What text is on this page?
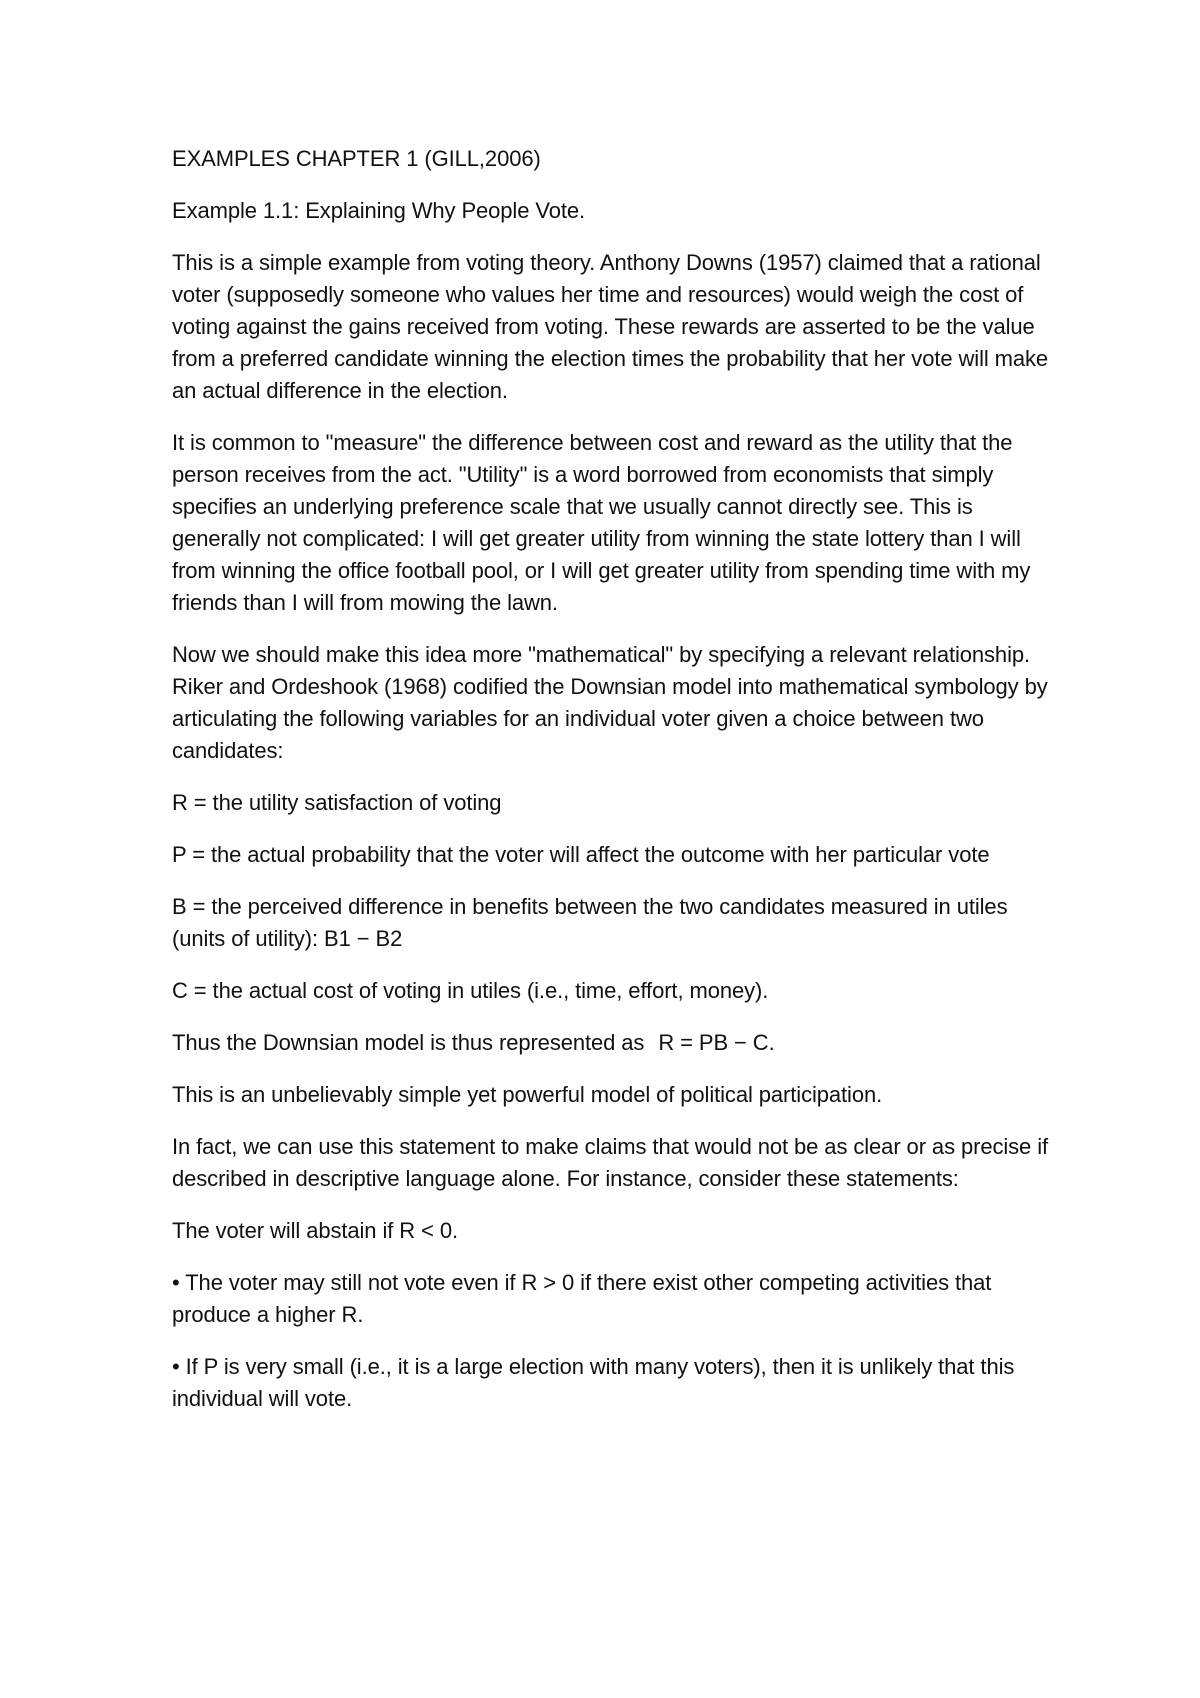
EXAMPLES CHAPTER 1 (GILL,2006)

Example 1.1: Explaining Why People Vote.

This is a simple example from voting theory. Anthony Downs (1957) claimed that a rational voter (supposedly someone who values her time and resources) would weigh the cost of voting against the gains received from voting. These rewards are asserted to be the value from a preferred candidate winning the election times the probability that her vote will make an actual difference in the election.

It is common to "measure" the difference between cost and reward as the utility that the person receives from the act. "Utility" is a word borrowed from economists that simply specifies an underlying preference scale that we usually cannot directly see. This is generally not complicated: I will get greater utility from winning the state lottery than I will from winning the office football pool, or I will get greater utility from spending time with my friends than I will from mowing the lawn.

Now we should make this idea more "mathematical" by specifying a relevant relationship. Riker and Ordeshook (1968) codified the Downsian model into mathematical symbology by articulating the following variables for an individual voter given a choice between two candidates:

R = the utility satisfaction of voting

P = the actual probability that the voter will affect the outcome with her particular vote

B = the perceived difference in benefits between the two candidates measured in utiles (units of utility): B1 − B2

C = the actual cost of voting in utiles (i.e., time, effort, money).

Thus the Downsian model is thus represented as R = PB − C.

This is an unbelievably simple yet powerful model of political participation.

In fact, we can use this statement to make claims that would not be as clear or as precise if described in descriptive language alone. For instance, consider these statements:

The voter will abstain if R < 0.

• The voter may still not vote even if R > 0 if there exist other competing activities that produce a higher R.

• If P is very small (i.e., it is a large election with many voters), then it is unlikely that this individual will vote.
